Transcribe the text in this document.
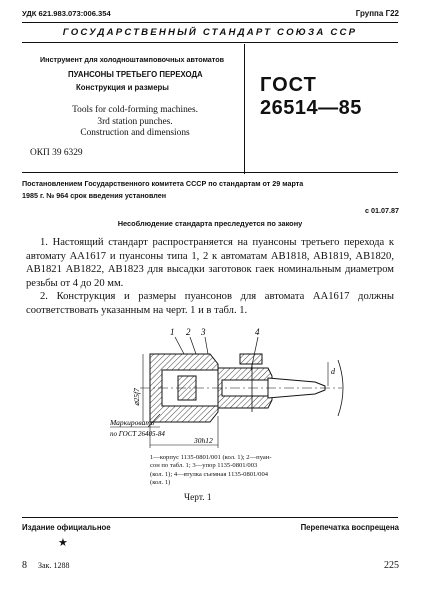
УДК 621.983.073:006.354	Группа Г22
ГОСУДАРСТВЕННЫЙ СТАНДАРТ СОЮЗА ССР
Инструмент для холодноштамповочных автоматов
ПУАНСОНЫ ТРЕТЬЕГО ПЕРЕХОДА
Конструкция и размеры
Tools for cold-forming machines.
3rd station punches.
Construction and dimensions
ОКП 39 6329
ГОСТ
26514—85
Постановлением Государственного комитета СССР по стандартам от 29 марта
1985 г. № 964 срок введения установлен
с 01.07.87
Несоблюдение стандарта преследуется по закону

1. Настоящий стандарт распространяется на пуансоны третьего перехода к автомату АА1617 и пуансоны типа 1, 2 к автоматам АВ1818, АВ1819, АВ1820, АВ1821 АВ1822, АВ1823 для высадки заготовок гаек номинальным диаметром резьбы от 4 до 20 мм.

2. Конструкция и размеры пуансонов для автомата АА1617 должны соответствовать указанным на черт. 1 и в табл. 1.

1 2 3	4
d
⌀25f7
30h12
Маркировать
по ГОСТ 26405-84
1—корпус 1135-0801/001 (кол. 1); 2—пуан-
сон по табл. 1; 3—упор 1135-0801/003
(кол. 1); 4—втулка съемная 1135-0801/004
(кол. 1)
Черт. 1
Издание официальное	Перепечатка воспрещена
★
8 Зак. 1288	225
